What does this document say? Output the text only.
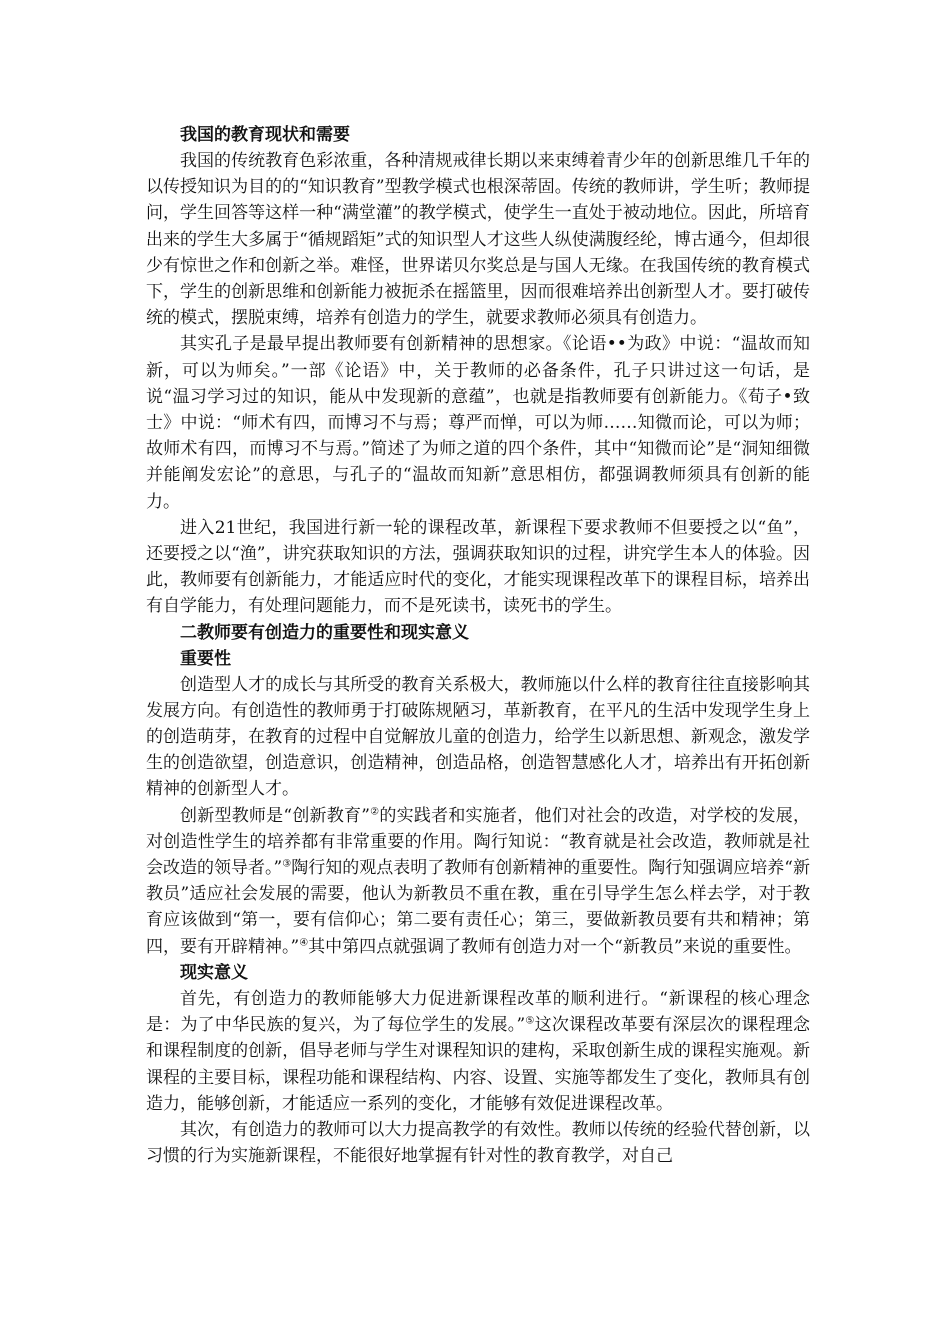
我国的教育现状和需要

我国的传统教育色彩浓重，各种清规戒律长期以来束缚着青少年的创新思维几千年的以传授知识为目的的“知识教育”型教学模式也根深蒂固。传统的教师讲，学生听；教师提问，学生回答等这样一种“满堂灌”的教学模式，使学生一直处于被动地位。因此，所培育出来的学生大多属于“循规蹈矩”式的知识型人才这些人纵使满腹经纶，博古通今，但却很少有惊世之作和创新之举。难怪，世界诺贝尔奖总是与国人无缘。在我国传统的教育模式下，学生的创新思维和创新能力被扼杀在摇篮里，因而很难培养出创新型人才。要打破传统的模式，摆脱束缚，培养有创造力的学生，就要求教师必须具有创造力。

其实孔子是最早提出教师要有创新精神的思想家。《论语••为政》中说：“温故而知新，可以为师矣。”一部《论语》中，关于教师的必备条件，孔子只讲过这一句话，是说“温习学习过的知识，能从中发现新的意蕴”，也就是指教师要有创新能力。《荀子•致士》中说：“师术有四，而博习不与焉；尊严而惮，可以为师……知微而论，可以为师；故师术有四，而博习不与焉。”简述了为师之道的四个条件，其中“知微而论”是“洞知细微并能阐发宏论”的意思，与孔子的“温故而知新”意思相仿，都强调教师须具有创新的能力。

进入21世纪，我国进行新一轮的课程改革，新课程下要求教师不但要授之以“鱼”，还要授之以“渔”，讲究获取知识的方法，强调获取知识的过程，讲究学生本人的体验。因此，教师要有创新能力，才能适应时代的变化，才能实现课程改革下的课程目标，培养出有自学能力，有处理问题能力，而不是死读书，读死书的学生。

二教师要有创造力的重要性和现实意义

重要性

创造型人才的成长与其所受的教育关系极大，教师施以什么样的教育往往直接影响其发展方向。有创造性的教师勇于打破陈规陋习，革新教育，在平凡的生活中发现学生身上的创造萌芽，在教育的过程中自觉解放儿童的创造力，给学生以新思想、新观念，激发学生的创造欲望，创造意识，创造精神，创造品格，创造智慧感化人才，培养出有开拓创新精神的创新型人才。

创新型教师是“创新教育”②的实践者和实施者，他们对社会的改造，对学校的发展，对创造性学生的培养都有非常重要的作用。陶行知说：“教育就是社会改造，教师就是社会改造的领导者。”③陶行知的观点表明了教师有创新精神的重要性。陶行知强调应培养“新教员”适应社会发展的需要，他认为新教员不重在教，重在引导学生怎么样去学，对于教育应该做到“第一，要有信仰心；第二要有责任心；第三，要做新教员要有共和精神；第四，要有开辟精神。”④其中第四点就强调了教师有创造力对一个“新教员”来说的重要性。

现实意义

首先，有创造力的教师能够大力促进新课程改革的顺利进行。“新课程的核心理念是：为了中华民族的复兴，为了每位学生的发展。”⑤这次课程改革要有深层次的课程理念和课程制度的创新，倡导老师与学生对课程知识的建构，采取创新生成的课程实施观。新课程的主要目标，课程功能和课程结构、内容、设置、实施等都发生了变化，教师具有创造力，能够创新，才能适应一系列的变化，才能够有效促进课程改革。

其次，有创造力的教师可以大力提高教学的有效性。教师以传统的经验代替创新，以习惯的行为实施新课程，不能很好地掌握有针对性的教育教学，对自己
